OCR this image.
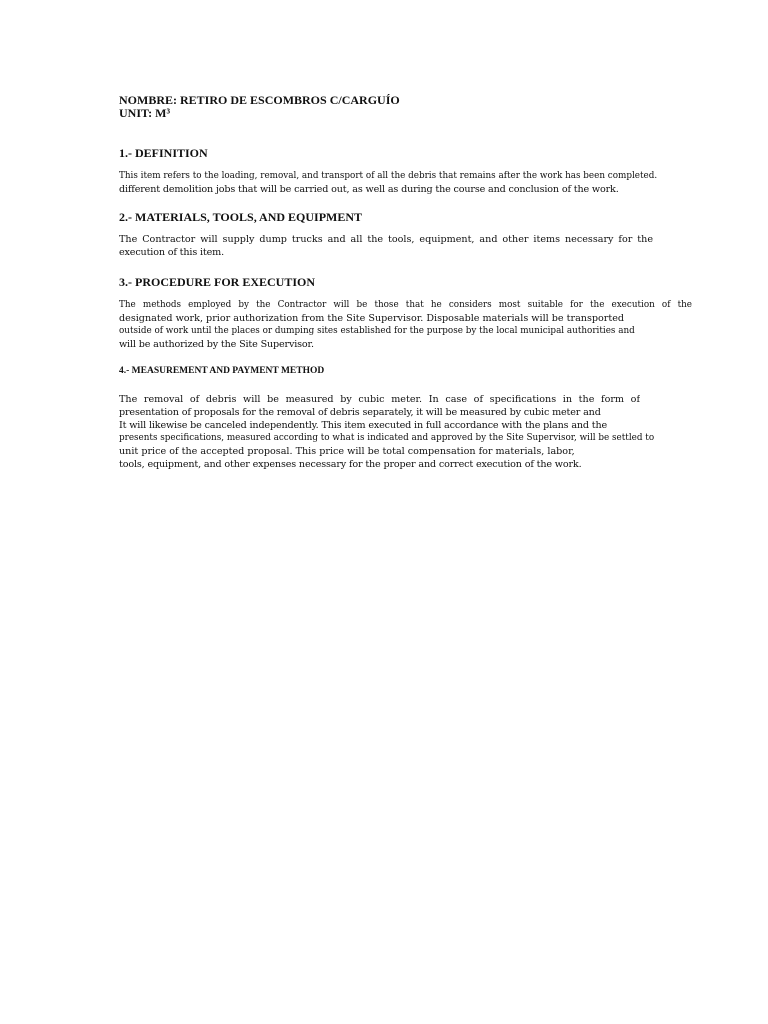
NOMBRE: RETIRO DE ESCOMBROS C/CARGUÍO

UNIT: M³

1.- DEFINITION

This item refers to the loading, removal, and transport of all the debris that remains after the work has been completed.
different demolition jobs that will be carried out, as well as during the course and conclusion of the work.

2.- MATERIALS, TOOLS, AND EQUIPMENT

The Contractor will supply dump trucks and all the tools, equipment, and other items necessary for the
execution of this item.

3.- PROCEDURE FOR EXECUTION

The methods employed by the Contractor will be those that he considers most suitable for the execution of the
designated work, prior authorization from the Site Supervisor. Disposable materials will be transported
outside of work until the places or dumping sites established for the purpose by the local municipal authorities and
will be authorized by the Site Supervisor.

4.- MEASUREMENT AND PAYMENT METHOD

The removal of debris will be measured by cubic meter. In case of specifications in the form of
presentation of proposals for the removal of debris separately, it will be measured by cubic meter and
It will likewise be canceled independently. This item executed in full accordance with the plans and the
presents specifications, measured according to what is indicated and approved by the Site Supervisor, will be settled to
unit price of the accepted proposal. This price will be total compensation for materials, labor,
tools, equipment, and other expenses necessary for the proper and correct execution of the work.
